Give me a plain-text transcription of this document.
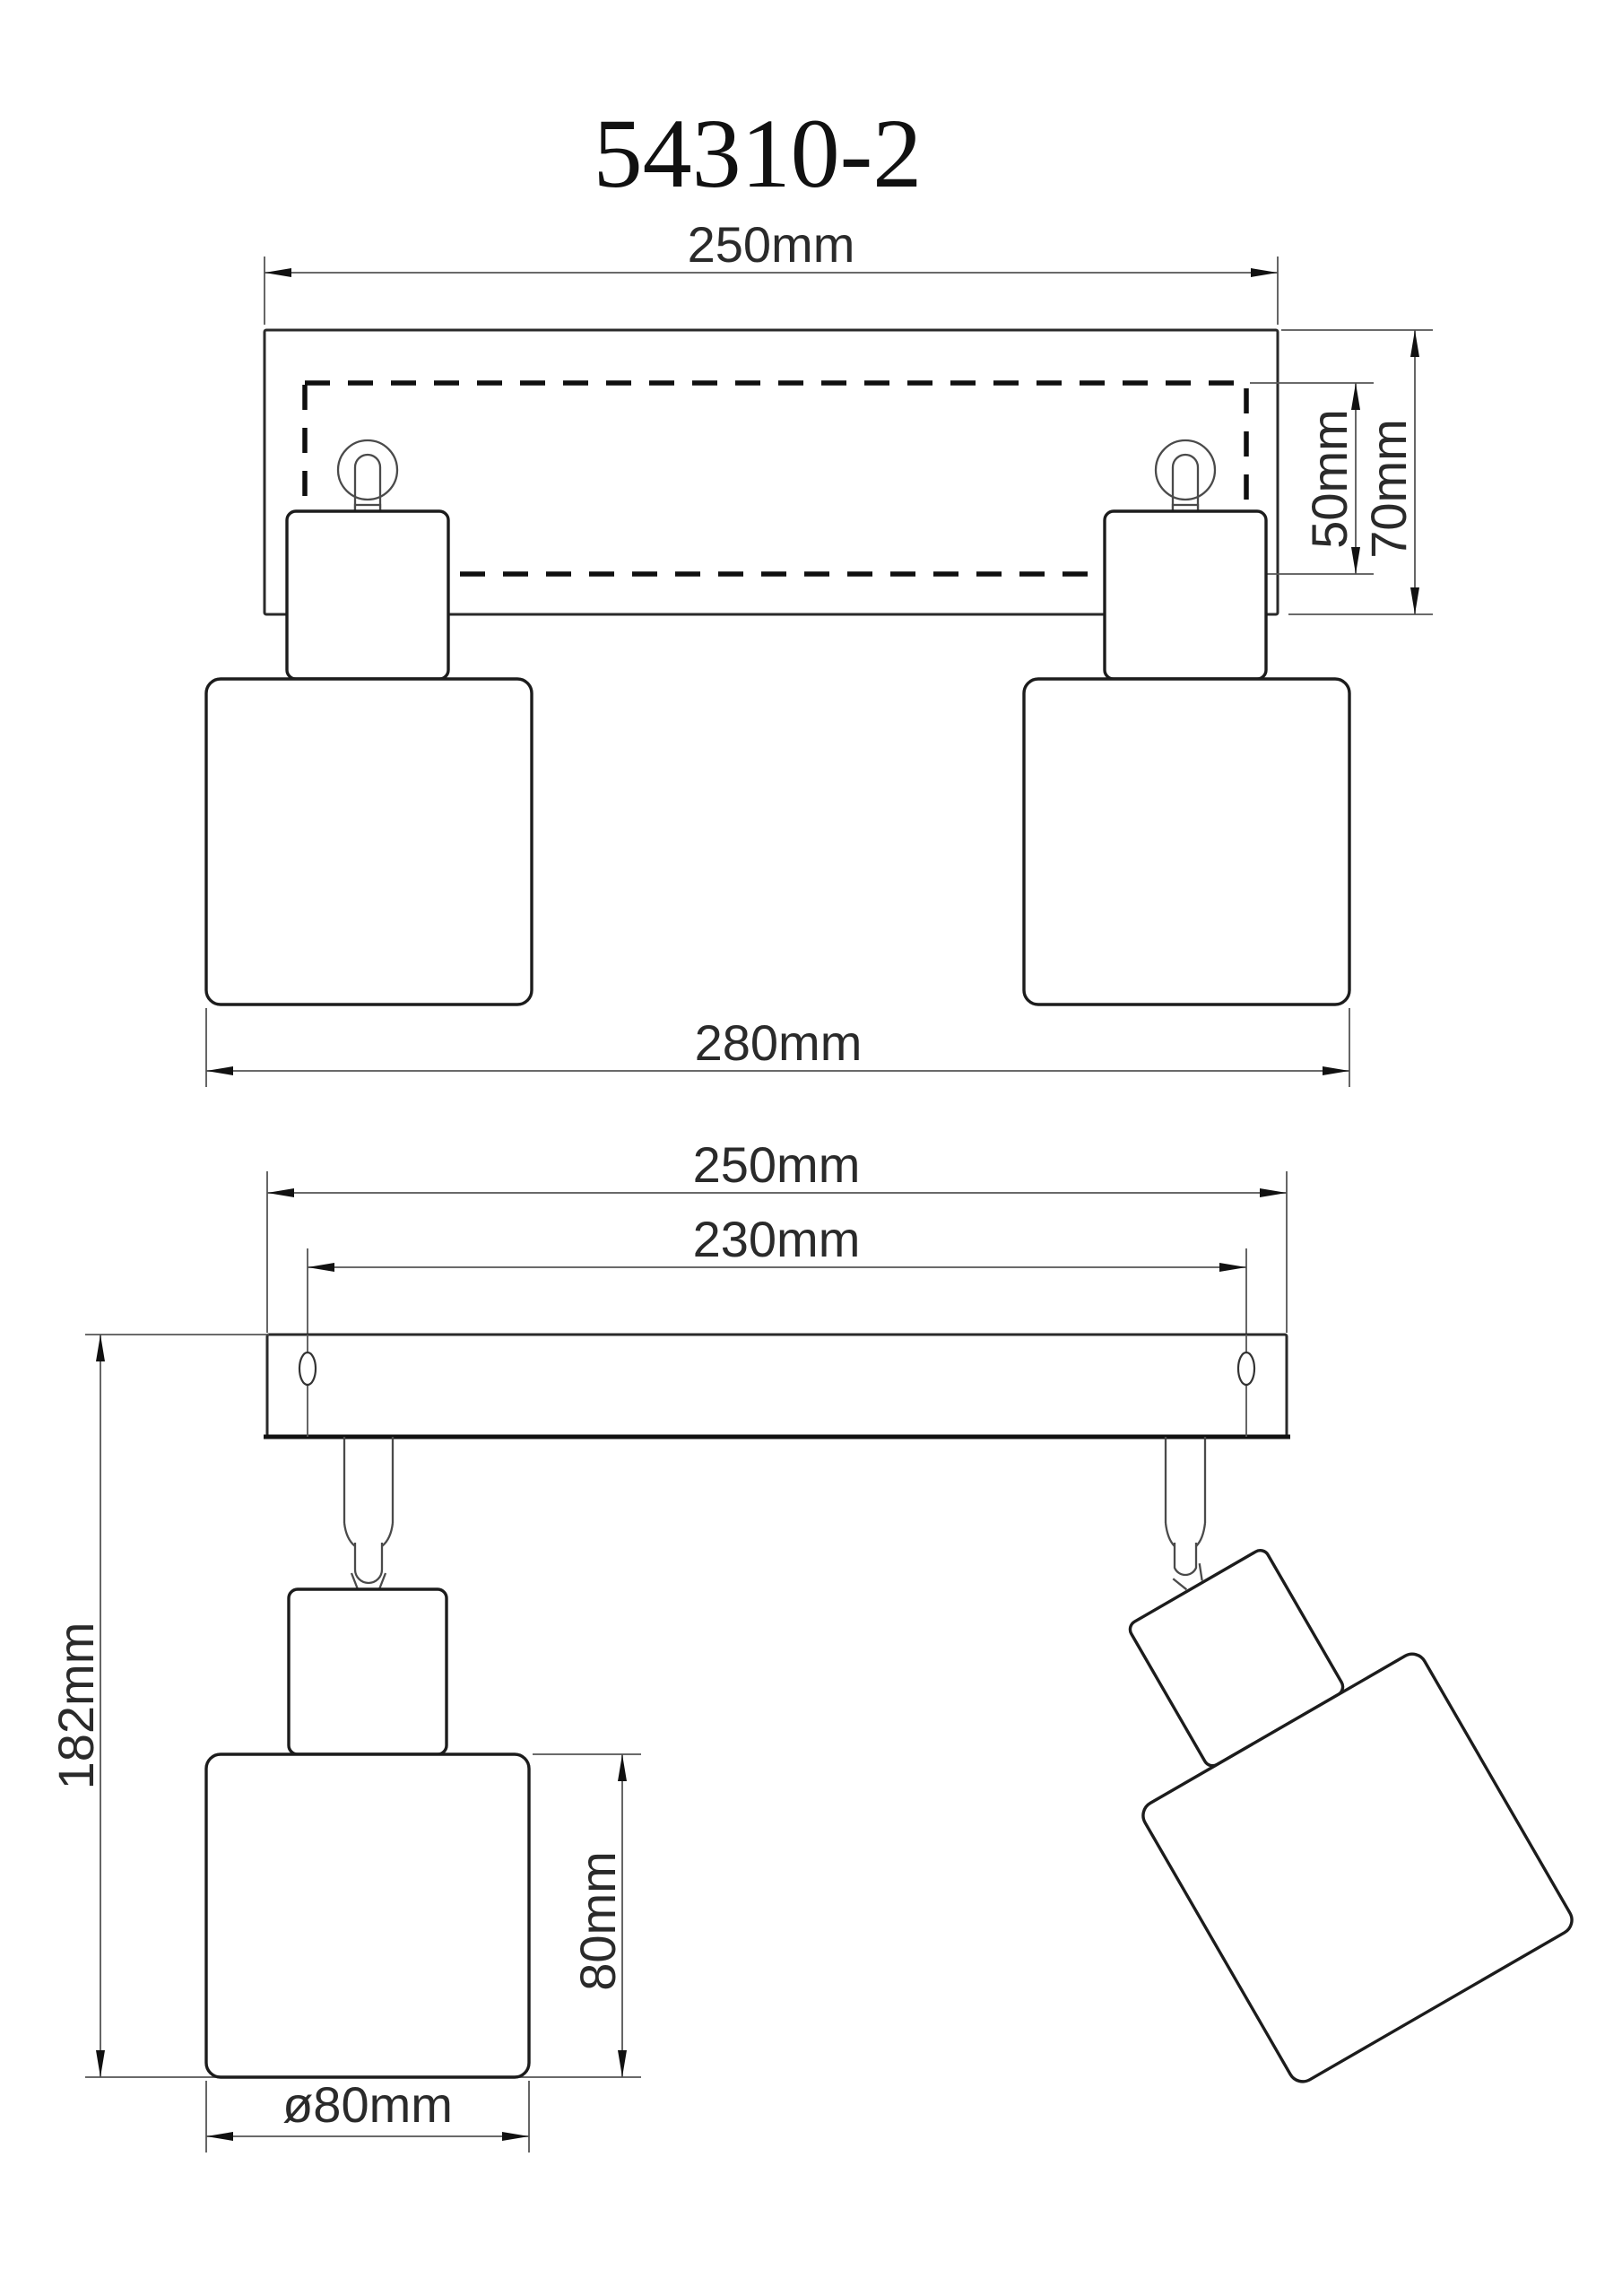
54310-2
250mm
50mm 70mm
280mm
250mm
230mm
182mm
80mm
ø80mm
